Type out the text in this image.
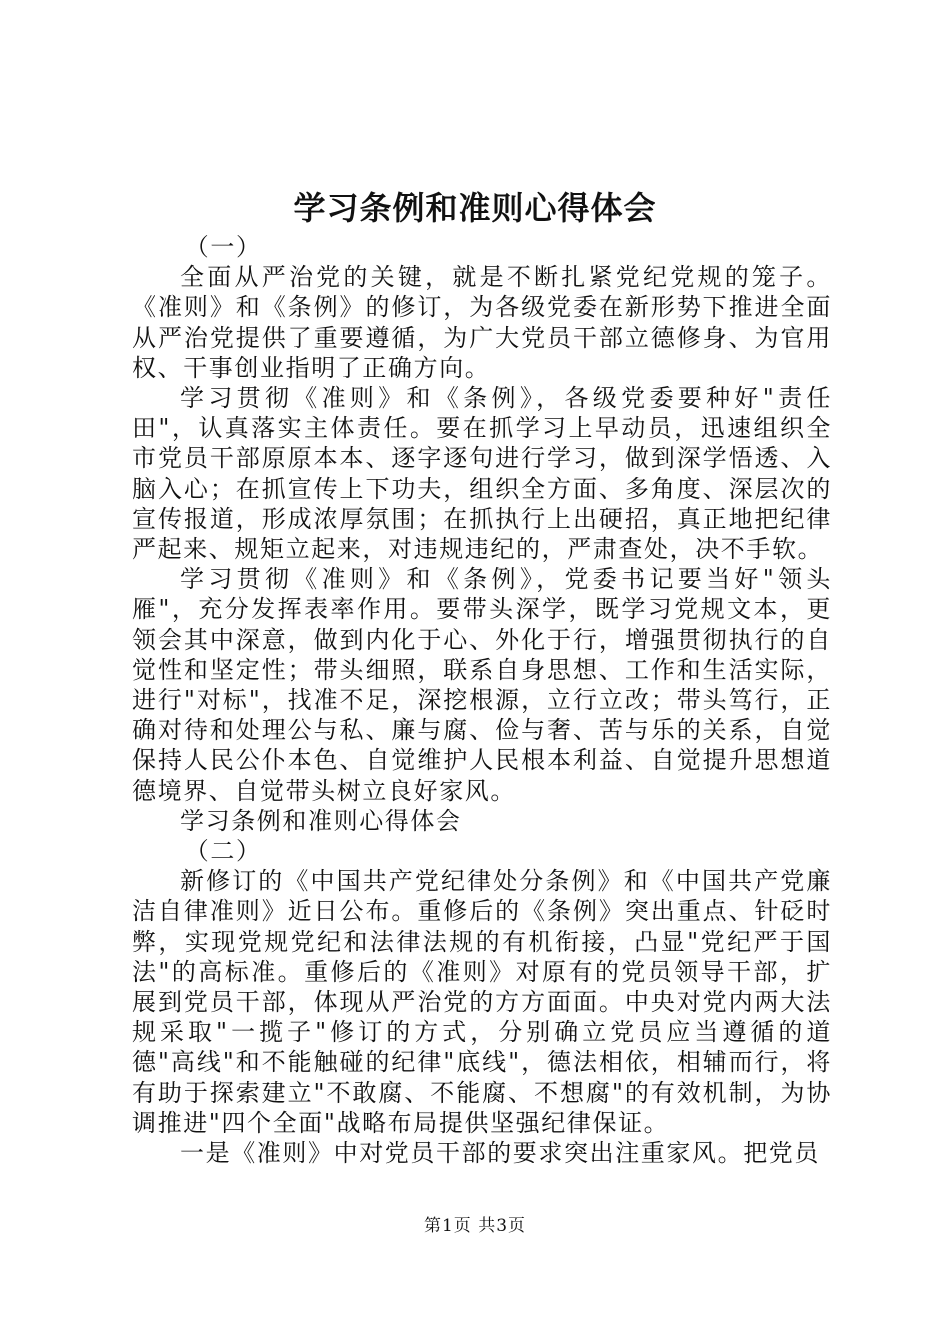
学习条例和准则心得体会

（一）

全面从严治党的关键，就是不断扎紧党纪党规的笼子。《准则》和《条例》的修订，为各级党委在新形势下推进全面从严治党提供了重要遵循，为广大党员干部立德修身、为官用权、干事创业指明了正确方向。

学习贯彻《准则》和《条例》，各级党委要种好"责任田"，认真落实主体责任。要在抓学习上早动员，迅速组织全市党员干部原原本本、逐字逐句进行学习，做到深学悟透、入脑入心；在抓宣传上下功夫，组织全方面、多角度、深层次的宣传报道，形成浓厚氛围；在抓执行上出硬招，真正地把纪律严起来、规矩立起来，对违规违纪的，严肃查处，决不手软。

学习贯彻《准则》和《条例》，党委书记要当好"领头雁"，充分发挥表率作用。要带头深学，既学习党规文本，更领会其中深意，做到内化于心、外化于行，增强贯彻执行的自觉性和坚定性；带头细照，联系自身思想、工作和生活实际，进行"对标"，找准不足，深挖根源，立行立改；带头笃行，正确对待和处理公与私、廉与腐、俭与奢、苦与乐的关系，自觉保持人民公仆本色、自觉维护人民根本利益、自觉提升思想道德境界、自觉带头树立良好家风。

学习条例和准则心得体会

（二）

新修订的《中国共产党纪律处分条例》和《中国共产党廉洁自律准则》近日公布。重修后的《条例》突出重点、针砭时弊，实现党规党纪和法律法规的有机衔接，凸显"党纪严于国法"的高标准。重修后的《准则》对原有的党员领导干部，扩展到党员干部，体现从严治党的方方面面。中央对党内两大法规采取"一揽子"修订的方式，分别确立党员应当遵循的道德"高线"和不能触碰的纪律"底线"，德法相依，相辅而行，将有助于探索建立"不敢腐、不能腐、不想腐"的有效机制，为协调推进"四个全面"战略布局提供坚强纪律保证。

一是《准则》中对党员干部的要求突出注重家风。把党员

第1页 共3页
